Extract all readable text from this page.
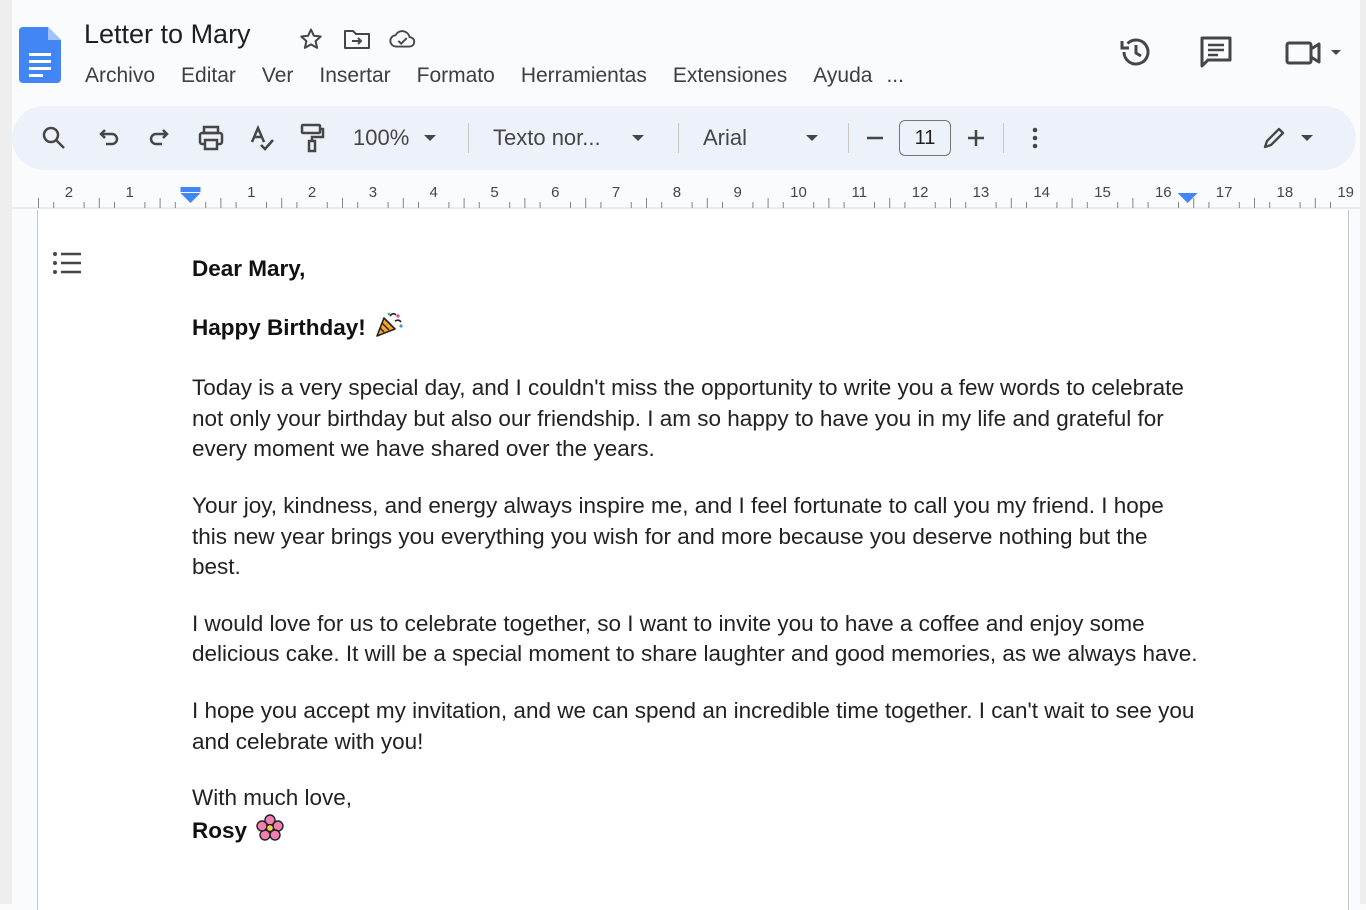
Letter to Mary
Archivo Editar Ver Insertar Formato Herramientas Extensiones Ayuda ...
100%	Texto nor...	Arial	11
2	1	1	2	3	4	5	6	7	8	9	10	11	12	13	14	15	16	17	18	19

Dear Mary,

Happy Birthday!

Today is a very special day, and I couldn't miss the opportunity to write you a few words to celebrate not only your birthday but also our friendship. I am so happy to have you in my life and grateful for every moment we have shared over the years.

Your joy, kindness, and energy always inspire me, and I feel fortunate to call you my friend. I hope this new year brings you everything you wish for and more because you deserve nothing but the best.

I would love for us to celebrate together, so I want to invite you to have a coffee and enjoy some delicious cake. It will be a special moment to share laughter and good memories, as we always have.

I hope you accept my invitation, and we can spend an incredible time together. I can't wait to see you and celebrate with you!

With much love,

Rosy
